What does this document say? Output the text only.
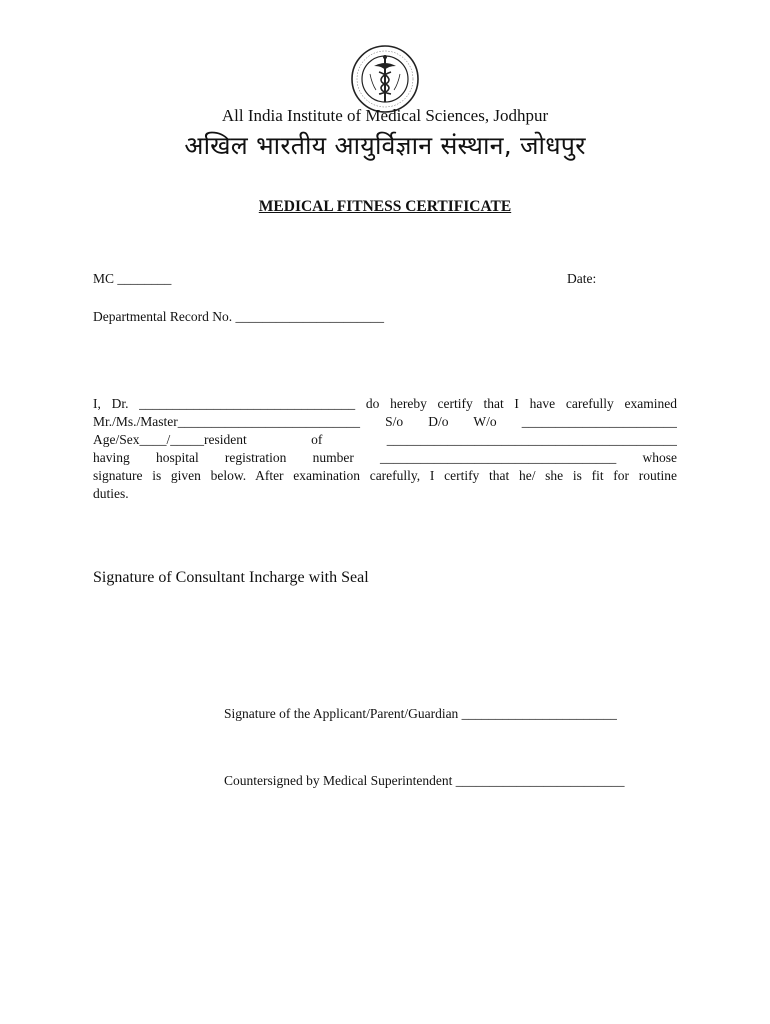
All India Institute of Medical Sciences, Jodhpur
अखिल भारतीय आयुर्विज्ञान संस्थान, जोधपुर
MEDICAL FITNESS CERTIFICATE
MC ________	Date:
Departmental Record No. ______________________
I, Dr. ________________________________ do hereby certify that I have carefully examined
Mr./Ms./Master___________________________ S/o D/o W/o _______________________
Age/Sex____/_____resident of ___________________________________________
having hospital registration number ___________________________________ whose
signature is given below. After examination carefully, I certify that he/ she is fit for routine
duties.
Signature of Consultant Incharge with Seal
Signature of the Applicant/Parent/Guardian _______________________
Countersigned by Medical Superintendent _________________________
